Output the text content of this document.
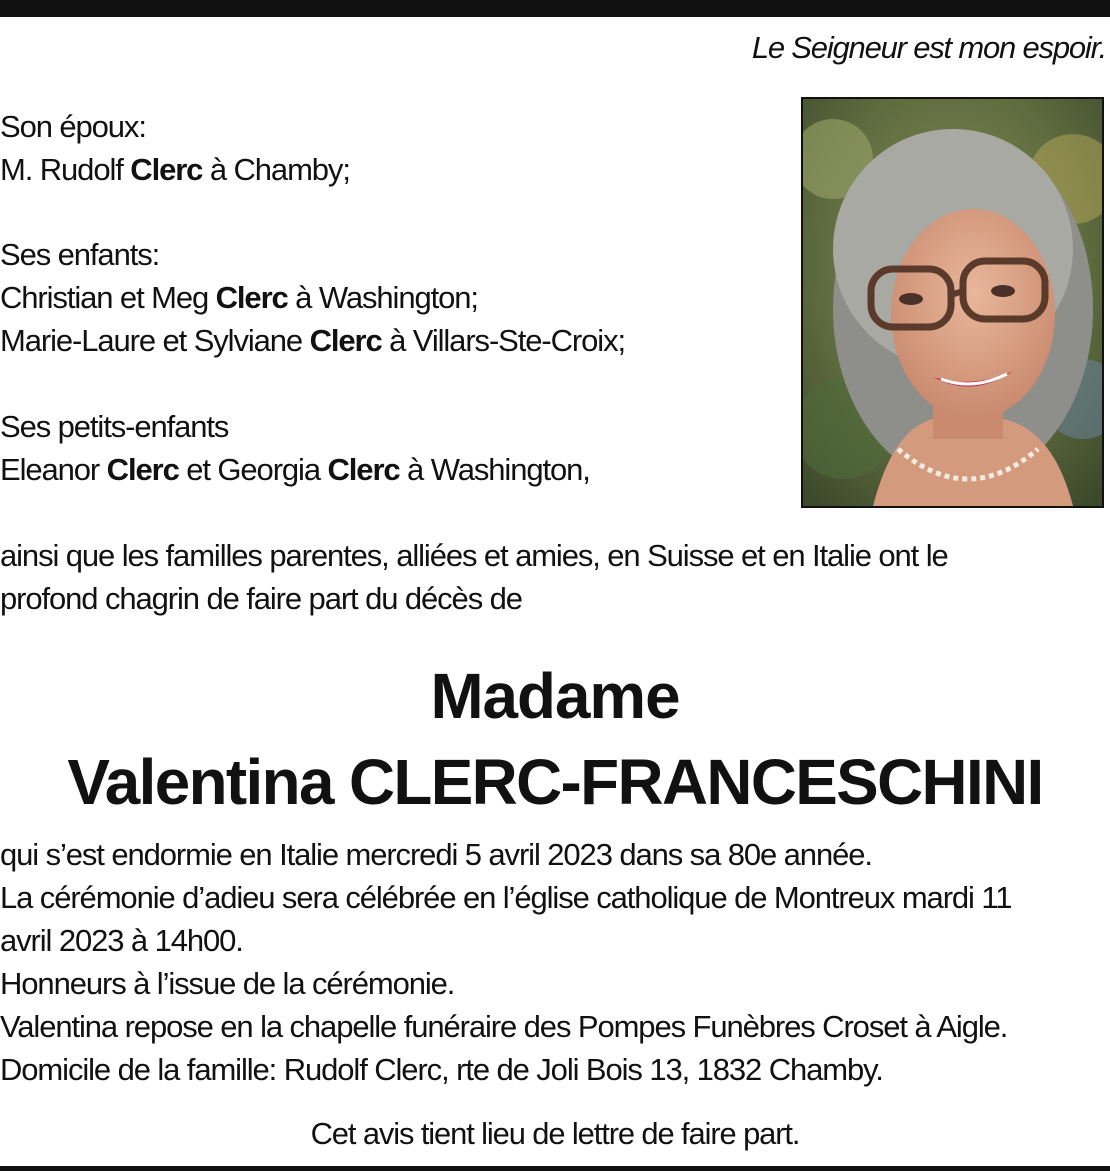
Le Seigneur est mon espoir.
Son époux:
M. Rudolf Clerc à Chamby;
Ses enfants:
Christian et Meg Clerc à Washington;
Marie-Laure et Sylviane Clerc à Villars-Ste-Croix;
Ses petits-enfants
Eleanor Clerc et Georgia Clerc à Washington,
ainsi que les familles parentes, alliées et amies, en Suisse et en Italie ont le
profond chagrin de faire part du décès de
Madame
Valentina CLERC-FRANCESCHINI
qui s’est endormie en Italie mercredi 5 avril 2023 dans sa 80e année.
La cérémonie d’adieu sera célébrée en l’église catholique de Montreux mardi 11
avril 2023 à 14h00.
Honneurs à l’issue de la cérémonie.
Valentina repose en la chapelle funéraire des Pompes Funèbres Croset à Aigle.
Domicile de la famille: Rudolf Clerc, rte de Joli Bois 13, 1832 Chamby.
Cet avis tient lieu de lettre de faire part.
